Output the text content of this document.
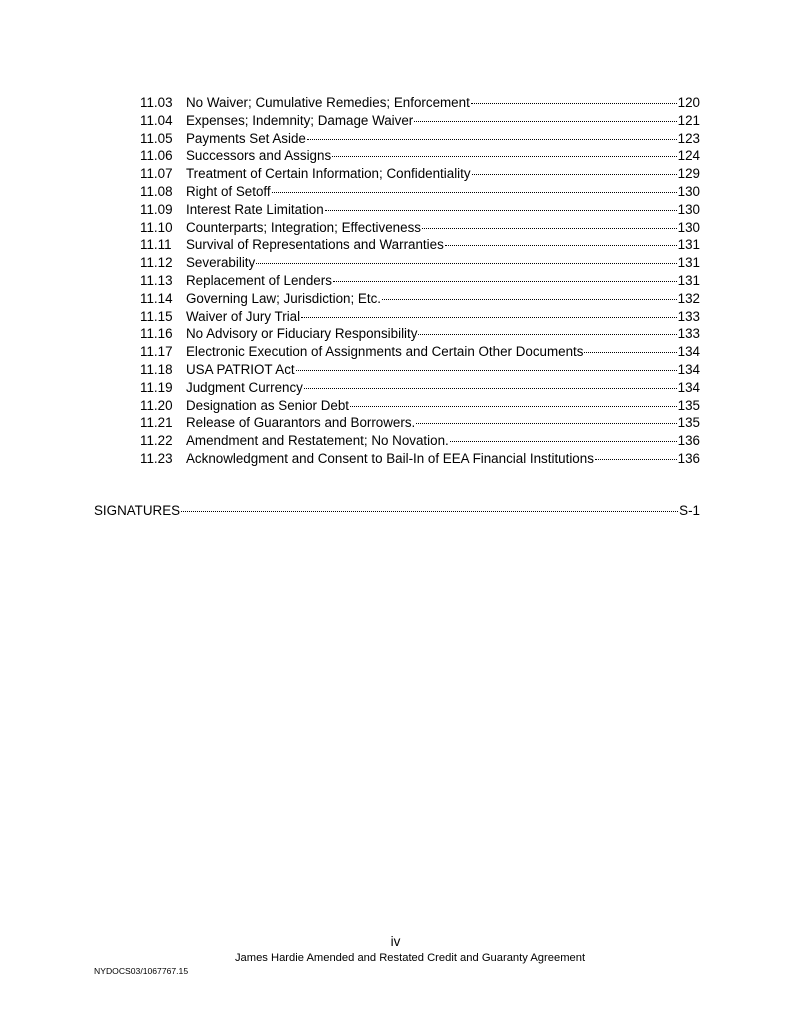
11.03	No Waiver; Cumulative Remedies; Enforcement	120
11.04	Expenses; Indemnity; Damage Waiver	121
11.05	Payments Set Aside	123
11.06	Successors and Assigns	124
11.07	Treatment of Certain Information; Confidentiality	129
11.08	Right of Setoff	130
11.09	Interest Rate Limitation	130
11.10	Counterparts; Integration; Effectiveness	130
11.11	Survival of Representations and Warranties	131
11.12	Severability	131
11.13	Replacement of Lenders	131
11.14	Governing Law; Jurisdiction; Etc.	132
11.15	Waiver of Jury Trial	133
11.16	No Advisory or Fiduciary Responsibility	133
11.17	Electronic Execution of Assignments and Certain Other Documents	134
11.18	USA PATRIOT Act	134
11.19	Judgment Currency	134
11.20	Designation as Senior Debt	135
11.21	Release of Guarantors and Borrowers.	135
11.22	Amendment and Restatement; No Novation.	136
11.23	Acknowledgment and Consent to Bail-In of EEA Financial Institutions	136
SIGNATURES	S-1
iv
James Hardie Amended and Restated Credit and Guaranty Agreement
NYDOCS03/1067767.15
